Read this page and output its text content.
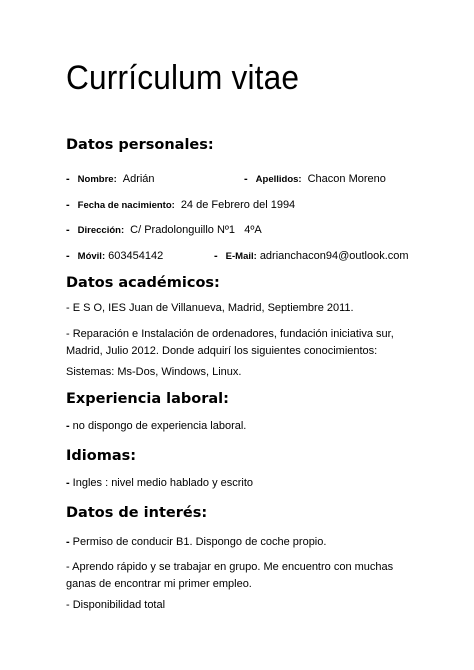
Currículum vitae
Datos personales:
- Nombre: Adrián	- Apellidos: Chacon Moreno
- Fecha de nacimiento: 24 de Febrero del 1994
- Dirección: C/ Pradolonguillo Nº1   4ºA
- Móvil: 603454142	- E-Mail: adrianchacon94@outlook.com
Datos académicos:
- E S O, IES Juan de Villanueva, Madrid, Septiembre 2011.
- Reparación e Instalación de ordenadores, fundación iniciativa sur, Madrid, Julio 2012. Donde adquirí los siguientes conocimientos:
Sistemas: Ms-Dos, Windows, Linux.
Experiencia laboral:
- no dispongo de experiencia laboral.
Idiomas:
- Ingles : nivel medio hablado y escrito
Datos de interés:
- Permiso de conducir B1. Dispongo de coche propio.
- Aprendo rápido y se trabajar en grupo. Me encuentro con muchas ganas de encontrar mi primer empleo.
- Disponibilidad total
